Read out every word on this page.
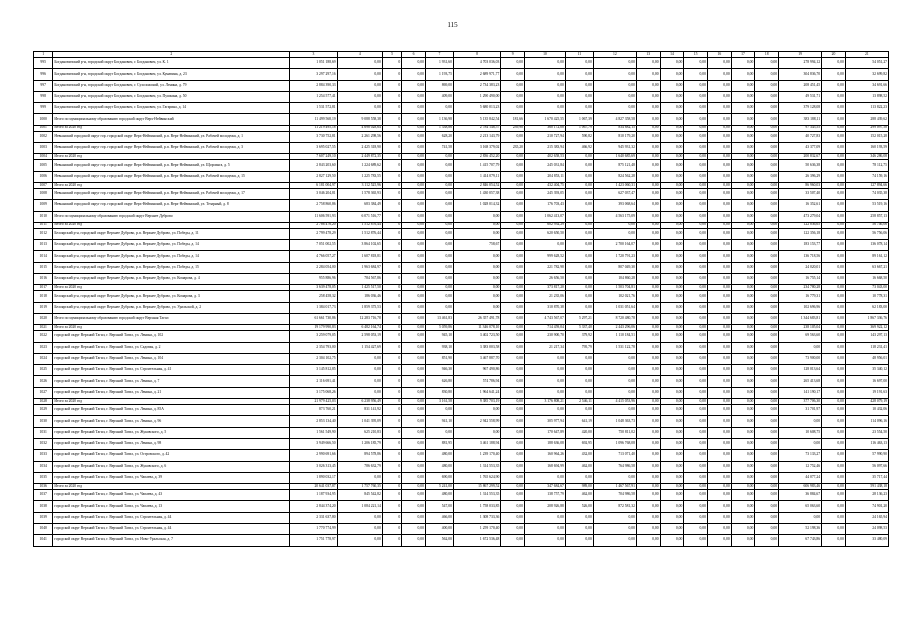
115
1	2	3	4	5	6	7	8	9	10	11	12	13	14	15	16	17	18	19	20	21
995	Богдановичский р-н, городской округ Богданович, г. Богданович, ул. К. 1	1 051 188,69	0,00	0	0,00	1 931,60	4 703 036,03	0,00	0,00	0,00	0,00	0,00	0,00	0,00	0,00	0,00	0,00	278 994,12	0,00	54 051,27
996	Богдановичский р-н, городской округ Богданович, г. Богданович, ул. Кунавина, д. 23	3 297 297,16	0,00	0	0,00	1 193,75	2 689 971,77	0,00	0,00	0,00	0,00	0,00	0,00	0,00	0,00	0,00	0,00	304 836,70	0,00	32 699,82
997	Богдановичский р-н, городской округ Богданович, г. Сухоложский, ул. Ленина, д. 79	2 884 390,33	0,00	0	0,00	869,00	2 734 383,23	0,00	0,00	0,00	0,00	0,00	0,00	0,00	0,00	0,00	0,00	208 451,45	0,00	34 691,66
998	Богдановичский р-н, городской округ Богданович, г. Богданович, ул. Пушкина, д. 50	1 254 577,41	0,00	0	0,00	409,00	1 290 490,00	0,00	0,00	0,00	0,00	0,00	0,00	0,00	0,00	0,00	0,00	49 531,71	0,00	13 898,52
999	Богдановичский р-н, городской округ Богданович, г. Богданович, ул. Гагарина, д. 14	1 531 572,81	0,00	0	0,00	0,00	5 680 013,23	0,00	0,00	0,00	0,00	0,00	0,00	0,00	0,00	0,00	0,00	379 128,08	0,00	113 822,23
1000	Итого по муниципальному образованию городской округ Верх-Нейвинский	11 499 568,19	9 088 558,38	0	0,00	1 136,98	5 135 842,54	181,66	1 670 425,55	1 067,39	4 827 358,58	0,00	0,00	0,00	0,00	0,00	0,00	383 188,11	0,00	288 439,62
1001	Итого за 2020 год	11 219 495,18	4 698 028,64	0	0,00	1 338,86	2 784 148,57	239,90	360 172,08	1 067,79	834 882,15	0,00	0,00	0,00	0,00	0,00	0,00	97 345,55	0,00	299 097,58
1002	Невьянский городской округ гор. городской округ Верх-Нейвинский, р.п. Верх-Нейвинский, ул. Рабочей молодежи, д. 1	3 730 752,81	2 261 298,56	0	0,00	628,20	2 213 143,79	0,00	210 727,94	590,82	810 179,20	0,00	0,00	0,00	0,00	0,00	0,00	40 727,83	0,00	152 015,28
1003	Невьянский городской округ гор. городской округ Верх-Нейвинский, р.п. Верх-Нейвинский, ул. Рабочей молодежи, д. 3	3 695 027,55	2 425 318,90	0	0,00	741,58	3 168 379,02	235,20	215 383,94	466,92	945 931,32	0,00	0,00	0,00	0,00	0,00	0,00	43 377,09	0,00	160 193,59
1004	Итого за 2020 год	7 607 249,10	2 449 872,35	0	0,00	0,00	2 836 452,20	0,00	402 658,53	0,00	1 640 685,69	0,00	0,00	0,00	0,00	0,00	0,00	200 832,67	0,00	346 286,08
1005	Невьянский городской округ гор. городской округ Верх-Нейвинский, р.п. Верх-Нейвинский, ул. Щорсинга, д. 5	2 843 203,60	1 224 689,62	0	0,00	0,00	1 415 707,79	0,00	245 031,84	0,00	875 121,48	0,00	0,00	0,00	0,00	0,00	0,00	50 636,38	0,00	78 112,75
1006	Невьянский городской округ гор. городской округ Верх-Нейвинский, р.п. Верх-Нейвинский, ул. Рабочей молодежи, д. 15	2 827 129,50	1 225 783,55	0	0,00	0,00	1 414 079,11	0,00	204 853,11	0,00	824 562,28	0,00	0,00	0,00	0,00	0,00	0,00	26 396,29	0,00	74 159,16
1007	Итого за 2020 год	6 181 004,97	3 112 525,96	0	0,00	0,00	2 846 054,52	0,00	432 404,75	0,00	1 423 060,31	0,00	0,00	0,00	0,00	0,00	0,00	86 960,03	0,00	127 894,66
1008	Невьянский городской округ гор. городской округ Верх-Нейвинский, р.п. Верх-Нейвинский, ул. Рабочей молодежи, д. 17	3 046 204,81	1 578 365,93	0	0,00	0,00	1 430 057,38	0,00	245 393,05	0,00	627 037,47	0,00	0,00	0,00	0,00	0,00	0,00	33 507,40	0,00	74 035,38
1009	Невьянский городской округ гор. городской округ Верх-Нейвинский, р.п. Верх-Нейвинский, ул. Тезарный, д. 8	2 758 860,86	683 384,49	0	0,00	0,00	1 028 014,32	0,00	176 703,43	0,00	393 068,64	0,00	0,00	0,00	0,00	0,00	0,00	16 352,61	0,00	53 519,16
1010	Итого по муниципальному образованию городской округ Верхнее Дуброво	11 606 591,93	6 071 516,77	0	0,00	0,00	0,00	0,00	1 062 413,07	0,00	4 563 175,09	0,00	0,00	0,00	0,00	0,00	0,00	473 279,04	0,00	258 857,13
1011	Итого за 2020 год	2 786 476,20	1 512 876,44	0	0,00	0,00	0,00	0,00	602 934,29	0,00	0,00	0,00	0,00	0,00	0,00	0,00	0,00	122 836,65	0,00	56 746,06
1012	Белоярский р-н, городской округ Верхнее Дуброво, р.п. Верхнее Дуброво, ул. Победы, д. 11	2 799 478,29	1 512 876,44	0	0,00	0,00	0,00	0,00	620 650,50	0,00	0,00	0,00	0,00	0,00	0,00	0,00	0,00	122 356,18	0,00	56 756,06
1013	Белоярский р-н, городской округ Верхнее Дуброво, р.п. Верхнее Дуброво, ул. Победы, д. 14	7 051 002,55	3 864 102,65	0	0,00	0,00	758,67	0,00	0,00	0,00	2 700 164,07	0,00	0,00	0,00	0,00	0,00	0,00	183 153,77	0,00	136 078,14
1014	Белоярский р-н, городской округ Верхнее Дуброво, р.п. Верхнее Дуброво, ул. Победы, д. 14	4 766 057,27	1 607 818,81	0	0,00	0,00	0,00	0,00	999 628,52	0,00	1 720 791,23	0,00	0,00	0,00	0,00	0,00	0,00	136 718,56	0,00	89 161,12
1015	Белоярский р-н, городской округ Верхнее Дуброво, р.п. Верхнее Дуброво, ул. Победы, д. 15	2 284 054,00	1 963 684,97	0	0,00	0,00	0,00	0,00	221 782,98	0,00	807 049,30	0,00	0,00	0,00	0,00	0,00	0,00	24 020,01	0,00	63 667,21
1016	Белоярский р-н, городской округ Верхнее Дуброво, р.п. Верхнее Дуброво, ул. Комарова, д. 4	955 886,96	784 567,86	0	0,00	0,00	0,00	0,00	26 656,50	0,00	104 860,28	0,00	0,00	0,00	0,00	0,00	0,00	16 755,14	0,00	16 668,50
1017	Итого за 2020 год	3 639 478,05	1 425 517,50	0	0,00	0,00	0,00	0,00	373 817,20	0,00	1 503 704,81	0,00	0,00	0,00	0,00	0,00	0,00	234 780,28	0,00	73 043,00
1018	Белоярский р-н, городской округ Верхнее Дуброво, р.п. Верхнее Дуброво, ул. Комарова, д. 3	258 458,32	186 036,46	0	0,00	0,00	0,00	0,00	21 235,06	0,00	102 021,76	0,00	0,00	0,00	0,00	0,00	0,00	16 779,31	0,00	10 778,31
1019	Белоярский р-н, городской округ Верхнее Дуброво, р.п. Верхнее Дуброво, ул. Уральской, д. 2	1 384 017,73	1 859 375,53	0	0,00	0,00	0,00	0,00	310 870,38	0,00	1 031 051,64	0,00	0,00	0,00	0,00	0,00	0,00	102 696,96	0,00	62 183,00
1020	Итого по муниципальному образованию городской округ Верхняя Тагил	61 661 730,86	12 283 716,78	0	0,00	13 461,83	26 357 491,78	0,00	4 743 567,07	5 297,21	8 720 480,78	0,00	0,00	0,00	0,00	0,00	0,00	1 344 683,81	0,00	1 867 336,76
1021	Итого за 2020 год	19 179 990,83	6 482 164,74	0	0,00	5 059,86	11 346 078,10	0,00	714 459,04	5 337,40	2 443 296,06	0,00	0,00	0,00	0,00	0,00	0,00	238 105,04	0,00	369 922,12
1022	городской округ Верхний Тагил, г. Верхний Тагил, ул. Ленина, д. 102	3 259 079,05	2 598 053,19	0	0,00	945,10	3 402 723,50	0,00	230 900,70	379,92	1 110 184,51	0,00	0,00	0,00	0,00	0,00	0,00	69 563,60	0,00	143 297,13
1023	городской округ Верхний Тагил, г. Верхний Тагил, ул. Садовая, д. 2	2 354 793,00	1 154 427,69	0	0,00	938,10	3 383 003,58	0,00	21 217,34	795,79	1 531 122,78	0,00	0,00	0,00	0,00	0,00	0,00	0,00	0,00	118 231,41
1024	городской округ Верхний Тагил, г. Верхний Тагил, ул. Ленина, д. 104	2 304 102,75	0,00	0	0,00	851,90	3 467 887,70	0,00	0,00	0,00	0,00	0,00	0,00	0,00	0,00	0,00	0,00	73 900,00	0,00	48 956,01
1025	городской округ Верхний Тагил, г. Верхний Тагил, ул. Строительная, д. 41	3 145 812,85	0,00	0	0,00	946,30	967 490,86	0,00	0,00	0,00	0,00	0,00	0,00	0,00	0,00	0,00	0,00	128 013,64	0,00	35 340,12
1026	городской округ Верхний Тагил, г. Верхний Тагил, ул. Ленина, д. 7	2 116 691,41	0,00	0	0,00	626,80	574 786,94	0,00	0,00	0,00	0,00	0,00	0,00	0,00	0,00	0,00	0,00	265 413,68	0,00	16 697,00
1027	городской округ Верхний Тагил, г. Верхний Тагил, ул. Ленина, д. 21	3 175 068,26	0,00	0	0,00	830,80	1 964 641,24	0,00	0,00	0,00	0,00	0,00	0,00	0,00	0,00	0,00	0,00	141 190,17	0,00	19 191,63
1028	Итого за 2020 год	21 979 425,03	6 238 956,49	0	0,00	3 161,58	9 385 703,19	0,00	3 176 808,21	2 546,11	4 415 053,96	0,00	0,00	0,00	0,00	0,00	0,00	377 706,30	0,00	428 079,19
1029	городской округ Верхний Тагил, г. Верхний Тагил, ул. Ленина, д. 85А	873 760,21	831 141,92	0	0,00	0,00	0,00	0,00	0,00	0,00	0,00	0,00	0,00	0,00	0,00	0,00	0,00	31 701,97	0,00	10 432,06
1030	городской округ Верхний Тагил, г. Верхний Тагил, ул. Ленина, д. 96	2 853 134,40	1 041 395,09	0	0,00	941,10	2 942 558,99	0,00	305 977,94	641,19	1 048 363,73	0,00	0,00	0,00	0,00	0,00	0,00	0,00	0,00	114 096,16
1031	городской округ Верхний Тагил, г. Верхний Тагил, ул. Жуковского, д. 5	1 561 549,90	625 210,83	0	0,00	0,00	0,00	0,00	170 647,89	420,00	750 811,02	0,00	0,00	0,00	0,00	0,00	0,00	10 608,75	0,00	23 554,50
1032	городской округ Верхний Тагил, г. Верхний Тагил, ул. Ленина, д. 98	3 949 666,50	1 206 185,79	0	0,00	881,95	3 461 188,94	0,00	188 636,08	692,95	1 096 768,08	0,00	0,00	0,00	0,00	0,00	0,00	0,00	0,00	116 463,13
1033	городской округ Верхний Тагил, г. Верхний Тагил, ул. Островского, д. 42	2 990 691,66	894 578,86	0	0,00	480,00	1 239 170,40	0,00	160 964,26	432,00	713 071,40	0,00	0,00	0,00	0,00	0,00	0,00	73 133,27	0,00	57 990,90
1034	городской округ Верхний Тагил, г. Верхний Тагил, ул. Жуковского, д. 6	3 026 313,45	786 632,79	0	0,00	480,00	1 314 553,35	0,00	168 694,99	462,00	764 986,58	0,00	0,00	0,00	0,00	0,00	0,00	12 752,46	0,00	56 097,66
1035	городской округ Верхний Тагил, г. Верхний Тагил, ул. Чапаева, д. 39	1 890 032,17	0,00	0	0,00	690,00	1 765 624,90	0,00	0,00	0,00	0,00	0,00	0,00	0,00	0,00	0,00	0,00	44 077,24	0,00	35 717,44
1036	Итого за 2020 год	20 641 037,87	1 757 760,35	0	0,00	5 241,00	15 867 299,52	0,00	347 684,67	989,00	1 467 567,91	0,00	0,00	0,00	0,00	0,00	0,00	606 983,46	0,00	591 438,18
1037	городской округ Верхний Тагил, г. Верхний Тагил, ул. Чапаева, д. 43	1 187 934,95	845 542,82	0	0,00	480,00	1 314 553,35	0,00	138 757,79	462,00	704 986,58	0,00	0,00	0,00	0,00	0,00	0,00	36 884,67	0,00	28 136,23
1038	городской округ Верхний Тагил, г. Верхний Тагил, ул. Чапаева, д. 13	2 844 374,20	1 084 221,14	0	0,00	547,00	1 758 033,85	0,00	208 926,88	526,00	872 581,32	0,00	0,00	0,00	0,00	0,00	0,00	65 063,60	0,00	74 901,20
1039	городской округ Верхний Тагил, г. Верхний Тагил, ул. Строительная, д. 44	2 331 637,80	0,00	0	0,00	466,00	1 308 733,36	0,00	0,00	0,00	0,00	0,00	0,00	0,00	0,00	0,00	0,00	0,00	0,00	24 165,94
1040	городской округ Верхний Тагил, г. Верхний Тагил, ул. Строительная, д. 44	1 770 774,99	0,00	0	0,00	400,00	1 259 170,40	0,00	0,00	0,00	0,00	0,00	0,00	0,00	0,00	0,00	0,00	52 198,36	0,00	24 098,53
1041	городской округ Верхний Тагил, г. Верхний Тагил, ул. Ново-Уральская, д. 7	1 751 778,97	0,00	0	0,00	562,00	1 672 536,48	0,00	0,00	0,00	0,00	0,00	0,00	0,00	0,00	0,00	0,00	67 743,86	0,00	33 480,09
